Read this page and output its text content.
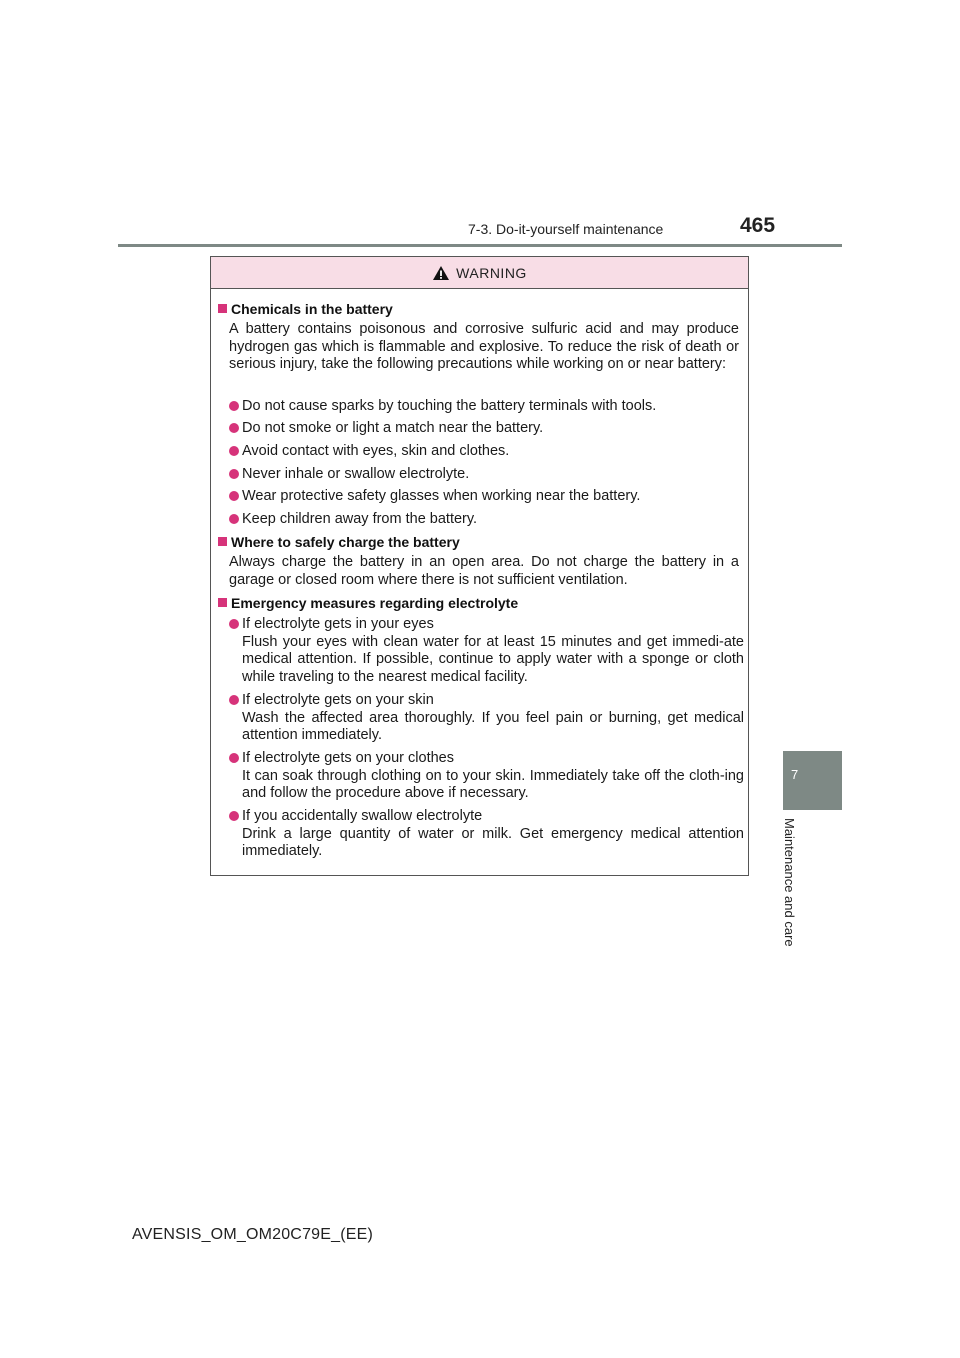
7-3. Do-it-yourself maintenance	465
7
Maintenance and care
WARNING
Chemicals in the battery
A battery contains poisonous and corrosive sulfuric acid and may produce hydrogen gas which is flammable and explosive. To reduce the risk of death or serious injury, take the following precautions while working on or near battery:
Do not cause sparks by touching the battery terminals with tools.
Do not smoke or light a match near the battery.
Avoid contact with eyes, skin and clothes.
Never inhale or swallow electrolyte.
Wear protective safety glasses when working near the battery.
Keep children away from the battery.
Where to safely charge the battery
Always charge the battery in an open area. Do not charge the battery in a garage or closed room where there is not sufficient ventilation.
Emergency measures regarding electrolyte
If electrolyte gets in your eyes
Flush your eyes with clean water for at least 15 minutes and get immedi-ate medical attention. If possible, continue to apply water with a sponge or cloth while traveling to the nearest medical facility.
If electrolyte gets on your skin
Wash the affected area thoroughly. If you feel pain or burning, get medical attention immediately.
If electrolyte gets on your clothes
It can soak through clothing on to your skin. Immediately take off the cloth-ing and follow the procedure above if necessary.
If you accidentally swallow electrolyte
Drink a large quantity of water or milk. Get emergency medical attention immediately.
AVENSIS_OM_OM20C79E_(EE)
